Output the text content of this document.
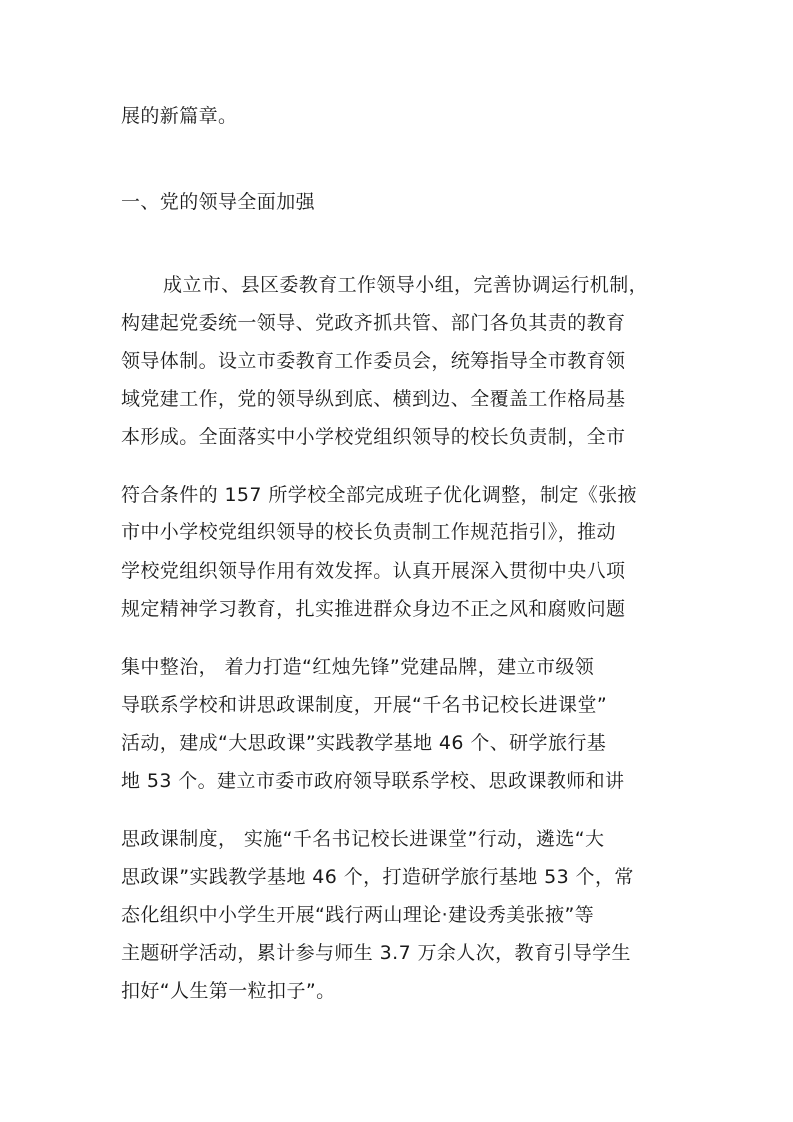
展的新篇章。

一、党的领导全面加强

成立市、县区委教育工作领导小组，完善协调运行机制，

构建起党委统一领导、党政齐抓共管、部门各负其责的教育

领导体制。设立市委教育工作委员会，统筹指导全市教育领

域党建工作，党的领导纵到底、横到边、全覆盖工作格局基

本形成。全面落实中小学校党组织领导的校长负责制，全市

符合条件的 157 所学校全部完成班子优化调整，制定《张掖

市中小学校党组织领导的校长负责制工作规范指引》，推动

学校党组织领导作用有效发挥。认真开展深入贯彻中央八项

规定精神学习教育，扎实推进群众身边不正之风和腐败问题

集中整治， 着力打造“红烛先锋”党建品牌，建立市级领

导联系学校和讲思政课制度，开展“千名书记校长进课堂”

活动，建成“大思政课”实践教学基地 46 个、研学旅行基

地 53 个。建立市委市政府领导联系学校、思政课教师和讲

思政课制度， 实施“千名书记校长进课堂”行动，遴选“大

思政课”实践教学基地 46 个，打造研学旅行基地 53 个，常

态化组织中小学生开展“践行两山理论·建设秀美张掖”等

主题研学活动，累计参与师生 3.7 万余人次，教育引导学生

扣好“人生第一粒扣子”。
